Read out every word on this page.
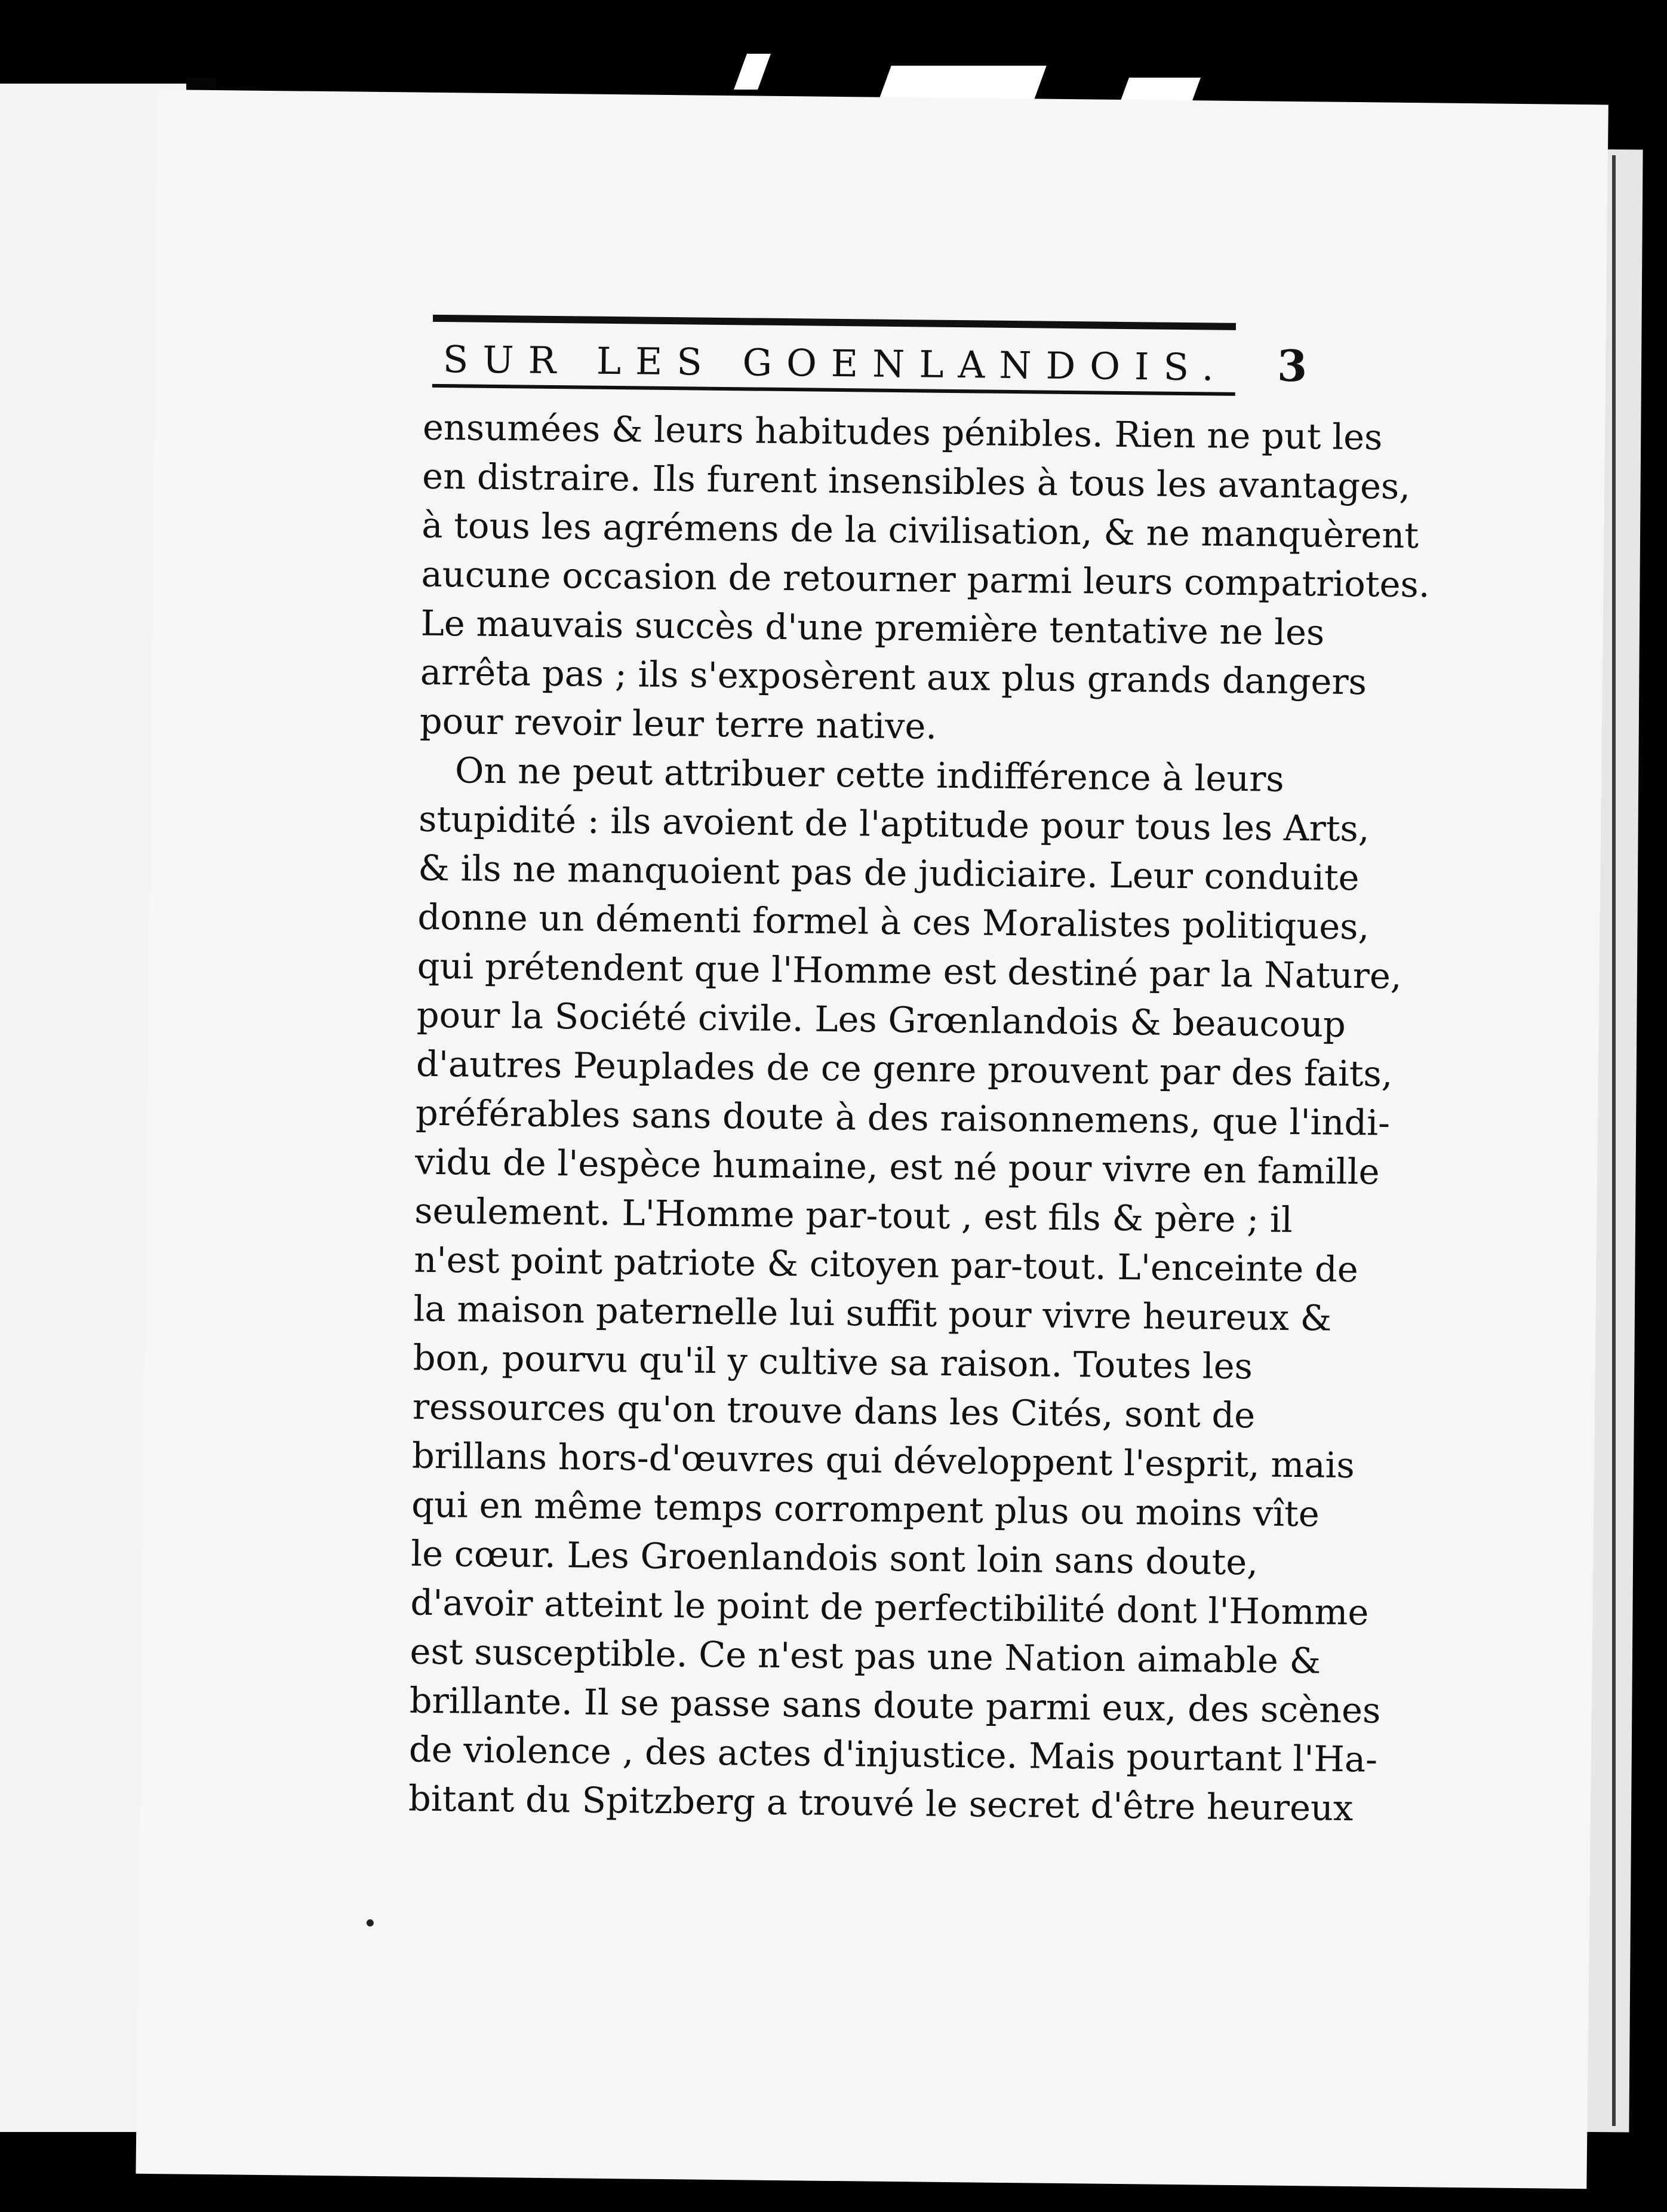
SUR LES GOENLANDOIS. 3
ensumées & leurs habitudes pénibles. Rien ne put les
en distraire. Ils furent insensibles à tous les avantages,
à tous les agrémens de la civilisation, & ne manquèrent
aucune occasion de retourner parmi leurs compatriotes.
Le mauvais succès d'une première tentative ne les
arrêta pas ; ils s'exposèrent aux plus grands dangers
pour revoir leur terre native.
On ne peut attribuer cette indifférence à leurs
stupidité : ils avoient de l'aptitude pour tous les Arts,
& ils ne manquoient pas de judiciaire. Leur conduite
donne un démenti formel à ces Moralistes politiques,
qui prétendent que l'Homme est destiné par la Nature,
pour la Société civile. Les Grœnlandois & beaucoup
d'autres Peuplades de ce genre prouvent par des faits,
préférables sans doute à des raisonnemens, que l'indi-
vidu de l'espèce humaine, est né pour vivre en famille
seulement. L'Homme par-tout , est fils & père ; il
n'est point patriote & citoyen par-tout. L'enceinte de
la maison paternelle lui suffit pour vivre heureux &
bon, pourvu qu'il y cultive sa raison. Toutes les
ressources qu'on trouve dans les Cités, sont de
brillans hors-d'œuvres qui développent l'esprit, mais
qui en même temps corrompent plus ou moins vîte
le cœur. Les Groenlandois sont loin sans doute,
d'avoir atteint le point de perfectibilité dont l'Homme
est susceptible. Ce n'est pas une Nation aimable &
brillante. Il se passe sans doute parmi eux, des scènes
de violence , des actes d'injustice. Mais pourtant l'Ha-
bitant du Spitzberg a trouvé le secret d'être heureux
